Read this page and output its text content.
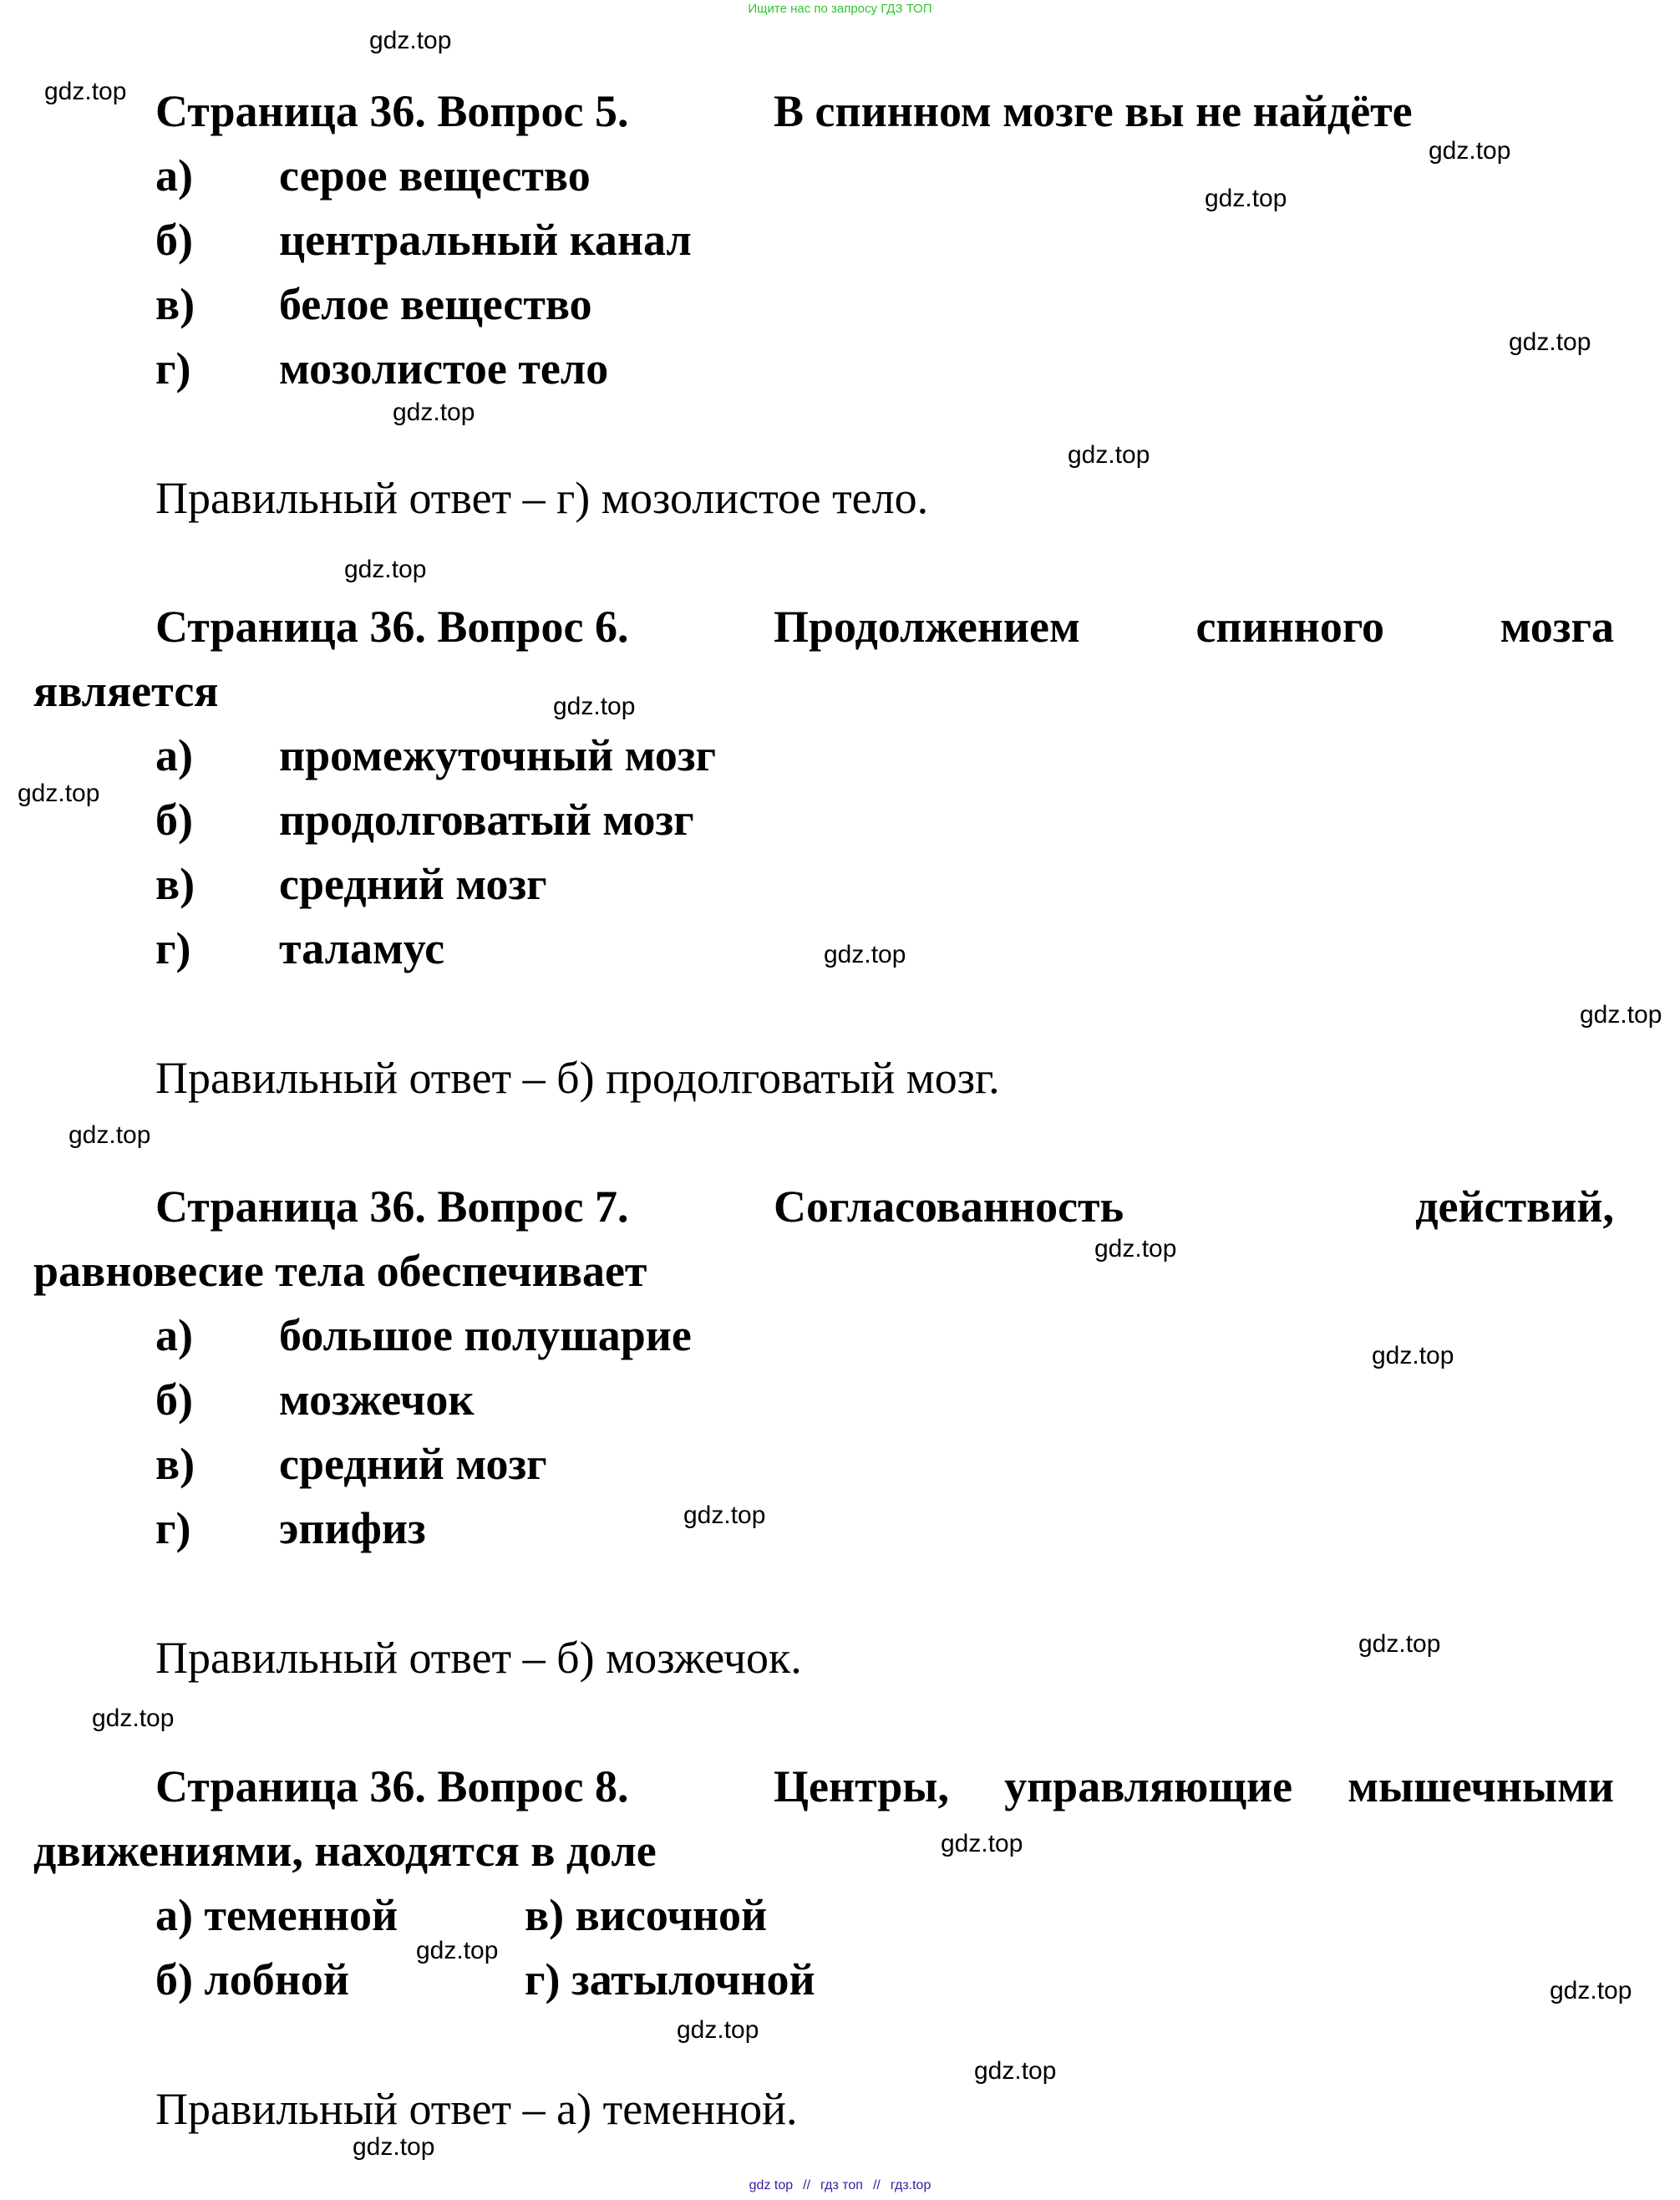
Ищите нас по запросу ГДЗ ТОП
gdz.top
gdz.top
gdz.top
gdz.top
gdz.top
gdz.top
gdz.top
gdz.top
gdz.top
gdz.top
gdz.top
gdz.top
gdz.top
gdz.top
gdz.top
gdz.top
gdz.top
gdz.top
gdz.top
gdz.top
gdz.top
gdz.top
gdz.top
gdz.top
Страница 36. Вопрос 5.	В спинном мозге вы не найдёте
а) серое вещество
б) центральный канал
в) белое вещество
г) мозолистое тело
Правильный ответ – г) мозолистое тело.
Страница 36. Вопрос 6.	Продолжением	спинного	мозга
является
а) промежуточный мозг
б) продолговатый мозг
в) средний мозг
г) таламус
Правильный ответ – б) продолговатый мозг.
Страница 36. Вопрос 7.	Согласованность	действий,
равновесие тела обеспечивает
а) большое полушарие
б) мозжечок
в) средний мозг
г) эпифиз
Правильный ответ – б) мозжечок.
Страница 36. Вопрос 8.	Центры, управляющие мышечными
движениями, находятся в доле
а) теменной	в) височной
б) лобной	г) затылочной
Правильный ответ – а) теменной.
gdz top // гдз топ // гдз.top
